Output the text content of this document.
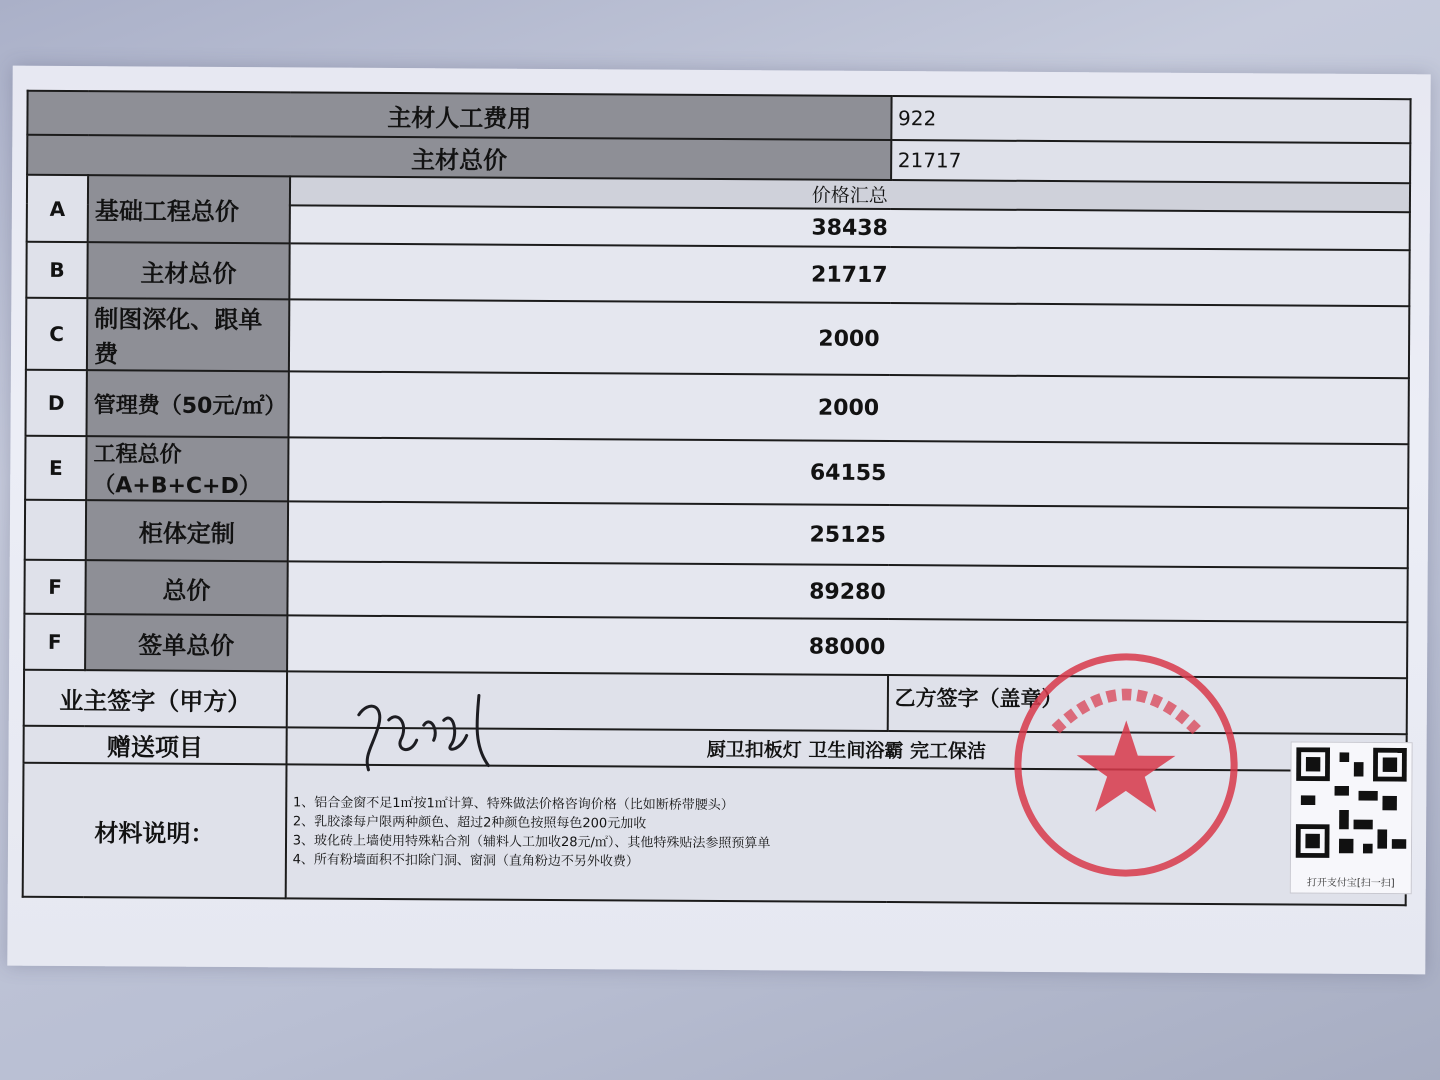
主材人工费用			922
主材总价			21717
A	基础工程总价	价格汇总	
		38438	
B	主材总价	21717	
C	制图深化、跟单费	2000	
D	管理费（50元/㎡）	2000	
E	工程总价（A+B+C+D）	64155	
	柜体定制	25125	
F	总价	89280	
F	签单总价	88000	
业主签字（甲方）			乙方签字（盖章）
赠送项目		厨卫扣板灯 卫生间浴霸 完工保洁	
材料说明：		1、铝合金窗不足1㎡按1㎡计算、特殊做法价格咨询价格（比如断桥带腰头）
2、乳胶漆每户限两种颜色、超过2种颜色按照每色200元加收
3、玻化砖上墙使用特殊粘合剂（辅料人工加收28元/㎡）、其他特殊贴法参照预算单
4、所有粉墙面积不扣除门洞、窗洞（直角粉边不另外收费）	
打开支付宝[扫一扫]
